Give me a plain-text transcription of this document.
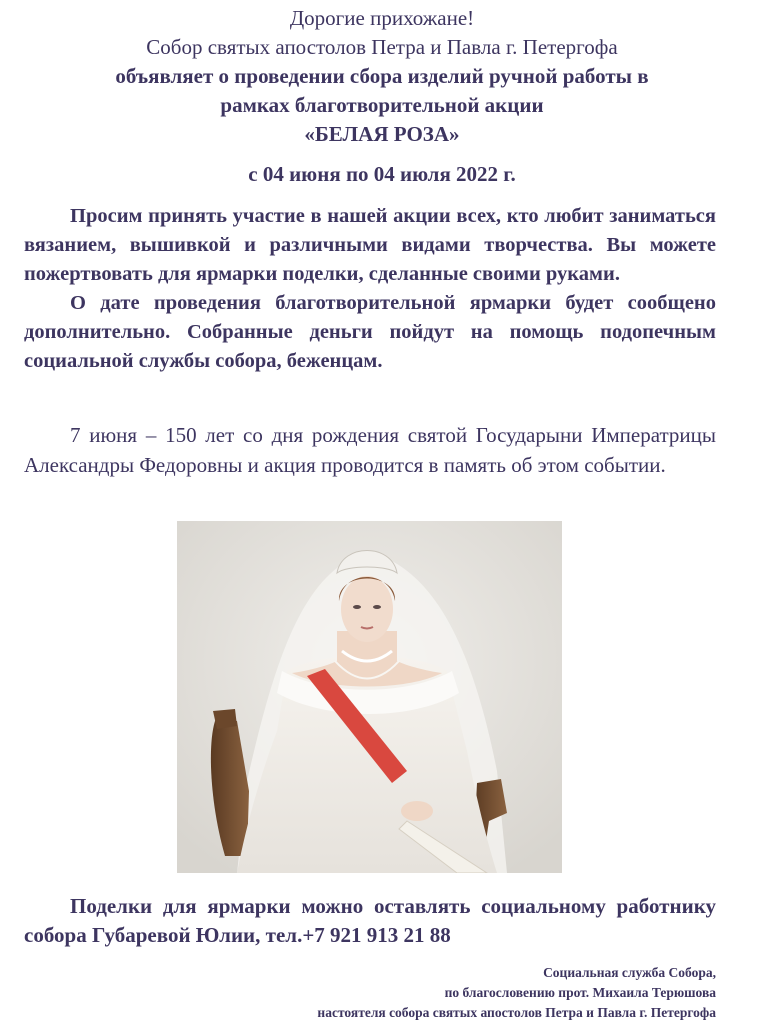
Дорогие прихожане!
Собор святых апостолов Петра и Павла г. Петергофа
объявляет о проведении сбора изделий ручной работы в
рамках благотворительной акции
«БЕЛАЯ РОЗА»
с 04 июня по 04 июля 2022 г.

Просим принять участие в нашей акции всех, кто любит заниматься вязанием, вышивкой и различными видами творчества. Вы можете пожертвовать для ярмарки поделки, сделанные своими руками.

О дате проведения благотворительной ярмарки будет сообщено дополнительно. Собранные деньги пойдут на помощь подопечным социальной службы собора, беженцам.

7 июня – 150 лет со дня рождения святой Государыни Императрицы Александры Федоровны и акция проводится в память об этом событии.

Поделки для ярмарки можно оставлять социальному работнику собора Губаревой Юлии, тел.+7 921 913 21 88

Социальная служба Собора,
по благословению прот. Михаила Терюшова
настоятеля собора святых апостолов Петра и Павла г. Петергофа
